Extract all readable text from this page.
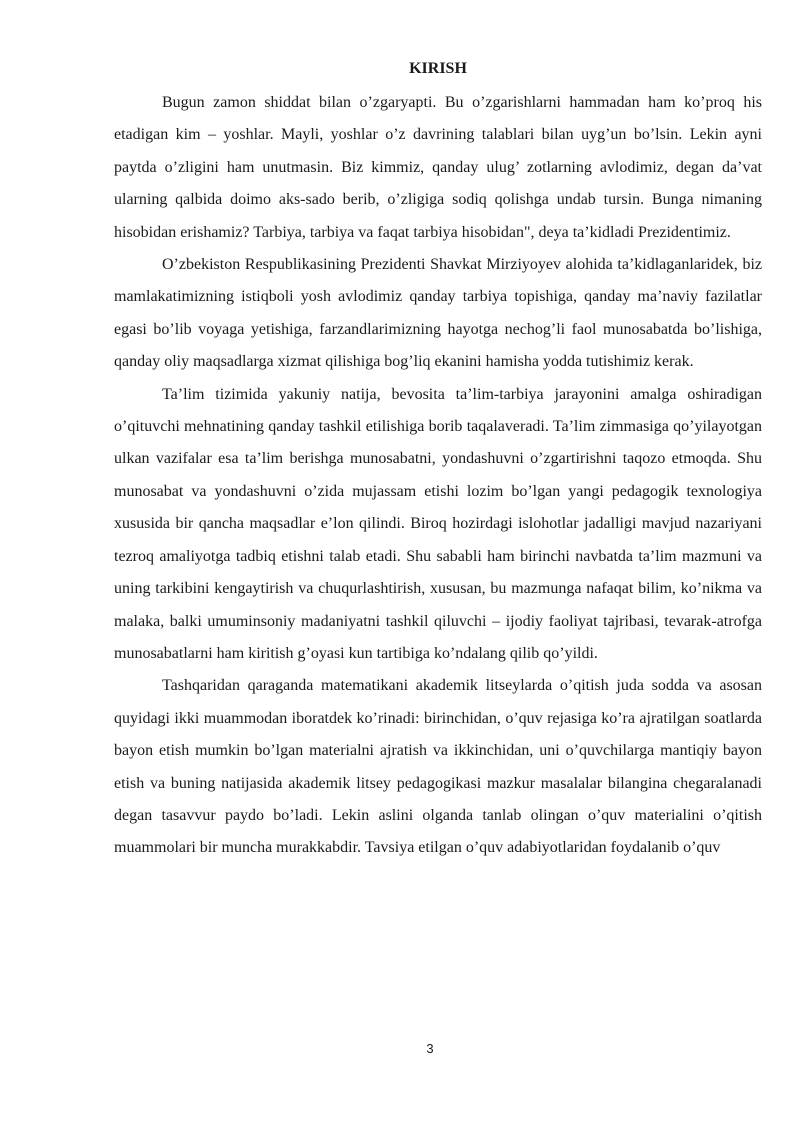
KIRISH

Bugun zamon shiddat bilan o’zgaryapti. Bu o’zgarishlarni hammadan ham ko’proq his etadigan kim – yoshlar. Mayli, yoshlar o’z davrining talablari bilan uyg’un bo’lsin. Lekin ayni paytda o’zligini ham unutmasin. Biz kimmiz, qanday ulug’ zotlarning avlodimiz, degan da’vat ularning qalbida doimo aks-sado berib, o’zligiga sodiq qolishga undab tursin. Bunga nimaning hisobidan erishamiz? Tarbiya, tarbiya va faqat tarbiya hisobidan", deya ta’kidladi Prezidentimiz.

O’zbekiston Respublikasining Prezidenti Shavkat Mirziyoyev alohida ta’kidlaganlaridek, biz mamlakatimizning istiqboli yosh avlodimiz qanday tarbiya topishiga, qanday ma’naviy fazilatlar egasi bo’lib voyaga yetishiga, farzandlarimizning hayotga nechog’li faol munosabatda bo’lishiga, qanday oliy maqsadlarga xizmat qilishiga bog’liq ekanini hamisha yodda tutishimiz kerak.

Ta’lim tizimida yakuniy natija, bevosita ta’lim-tarbiya jarayonini amalga oshiradigan o’qituvchi mehnatining qanday tashkil etilishiga borib taqalaveradi. Ta’lim zimmasiga qo’yilayotgan ulkan vazifalar esa ta’lim berishga munosabatni, yondashuvni o’zgartirishni taqozo etmoqda. Shu munosabat va yondashuvni o’zida mujassam etishi lozim bo’lgan yangi pedagogik texnologiya xususida bir qancha maqsadlar e’lon qilindi. Biroq hozirdagi islohotlar jadalligi mavjud nazariyani tezroq amaliyotga tadbiq etishni talab etadi. Shu sababli ham birinchi navbatda ta’lim mazmuni va uning tarkibini kengaytirish va chuqurlashtirish, xususan, bu mazmunga nafaqat bilim, ko’nikma va malaka, balki umuminsoniy madaniyatni tashkil qiluvchi – ijodiy faoliyat tajribasi, tevarak-atrofga munosabatlarni ham kiritish g’oyasi kun tartibiga ko’ndalang qilib qo’yildi.

Tashqaridan qaraganda matematikani akademik litseylarda o’qitish juda sodda va asosan quyidagi ikki muammodan iboratdek ko’rinadi: birinchidan, o’quv rejasiga ko’ra ajratilgan soatlarda bayon etish mumkin bo’lgan materialni ajratish va ikkinchidan, uni o’quvchilarga mantiqiy bayon etish va buning natijasida akademik litsey pedagogikasi mazkur masalalar bilangina chegaralanadi degan tasavvur paydo bo’ladi. Lekin aslini olganda tanlab olingan o’quv materialini o’qitish muammolari bir muncha murakkabdir. Tavsiya etilgan o’quv adabiyotlaridan foydalanib o’quv

3
